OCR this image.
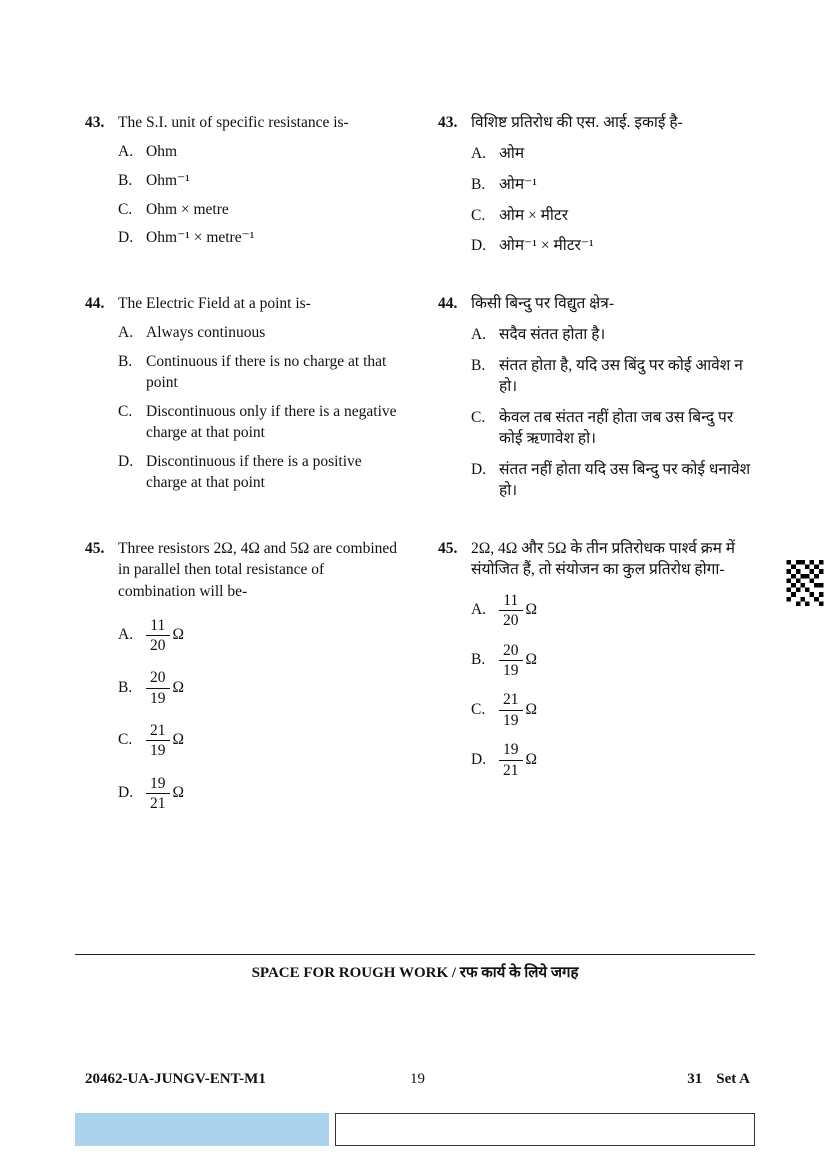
43. The S.I. unit of specific resistance is-
A. Ohm
B. Ohm⁻¹
C. Ohm × metre
D. Ohm⁻¹ × metre⁻¹
43. विशिष्ट प्रतिरोध की एस. आई. इकाई है-
A. ओम
B. ओम⁻¹
C. ओम × मीटर
D. ओम⁻¹ × मीटर⁻¹
44. The Electric Field at a point is-
A. Always continuous
B. Continuous if there is no charge at that point
C. Discontinuous only if there is a negative charge at that point
D. Discontinuous if there is a positive charge at that point
44. किसी बिन्दु पर विद्युत क्षेत्र-
A. सदैव संतत होता है।
B. संतत होता है, यदि उस बिंदु पर कोई आवेश न हो।
C. केवल तब संतत नहीं होता जब उस बिन्दु पर कोई ऋणावेश हो।
D. संतत नहीं होता यदि उस बिन्दु पर कोई धनावेश हो।
45. Three resistors 2Ω, 4Ω and 5Ω are combined in parallel then total resistance of combination will be-
A. $\frac{11}{20}$ Ω
B. $\frac{20}{19}$ Ω
C. $\frac{21}{19}$ Ω
D. $\frac{19}{21}$ Ω
45. 2Ω, 4Ω और 5Ω के तीन प्रतिरोधक पार्श्व क्रम में संयोजित हैं, तो संयोजन का कुल प्रतिरोध होगा-
A. $\frac{11}{20}$ Ω
B. $\frac{20}{19}$ Ω
C. $\frac{21}{19}$ Ω
D. $\frac{19}{21}$ Ω
SPACE FOR ROUGH WORK / रफ कार्य के लिये जगह
20462-UA-JUNGV-ENT-M1	19	31 Set A
